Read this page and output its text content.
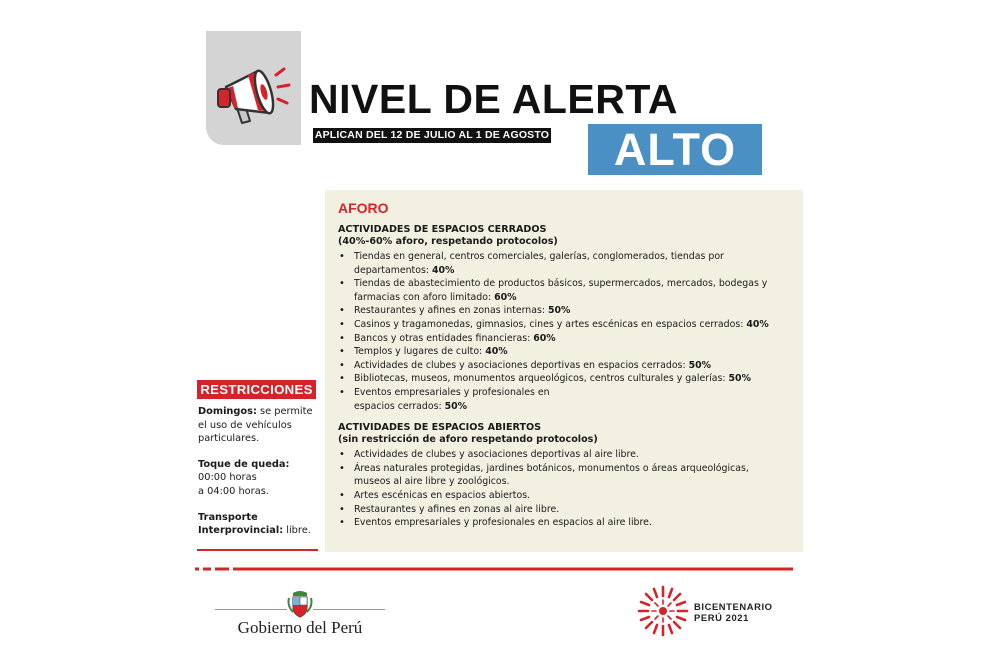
NIVEL DE ALERTA
APLICAN DEL 12 DE JULIO AL 1 DE AGOSTO	ALTO
AFORO
ACTIVIDADES DE ESPACIOS CERRADOS
(40%-60% aforo, respetando protocolos)
• Tiendas en general, centros comerciales, galerías, conglomerados, tiendas por departamentos: 40%
• Tiendas de abastecimiento de productos básicos, supermercados, mercados, bodegas y farmacias con aforo limitado: 60%
• Restaurantes y afines en zonas internas: 50%
• Casinos y tragamonedas, gimnasios, cines y artes escénicas en espacios cerrados: 40%
• Bancos y otras entidades financieras: 60%
• Templos y lugares de culto: 40%
• Actividades de clubes y asociaciones deportivas en espacios cerrados: 50%
• Bibliotecas, museos, monumentos arqueológicos, centros culturales y galerías: 50%
• Eventos empresariales y profesionales en espacios cerrados: 50%
ACTIVIDADES DE ESPACIOS ABIERTOS
(sin restricción de aforo respetando protocolos)
• Actividades de clubes y asociaciones deportivas al aire libre.
• Áreas naturales protegidas, jardines botánicos, monumentos o áreas arqueológicas, museos al aire libre y zoológicos.
• Artes escénicas en espacios abiertos.
• Restaurantes y afines en zonas al aire libre.
• Eventos empresariales y profesionales en espacios al aire libre.
RESTRICCIONES

Domingos: se permite el uso de vehículos particulares.

Toque de queda:
00:00 horas
a 04:00 horas.

Transporte Interprovincial: libre.

Gobierno del Perú
BICENTENARIO
PERÚ 2021
